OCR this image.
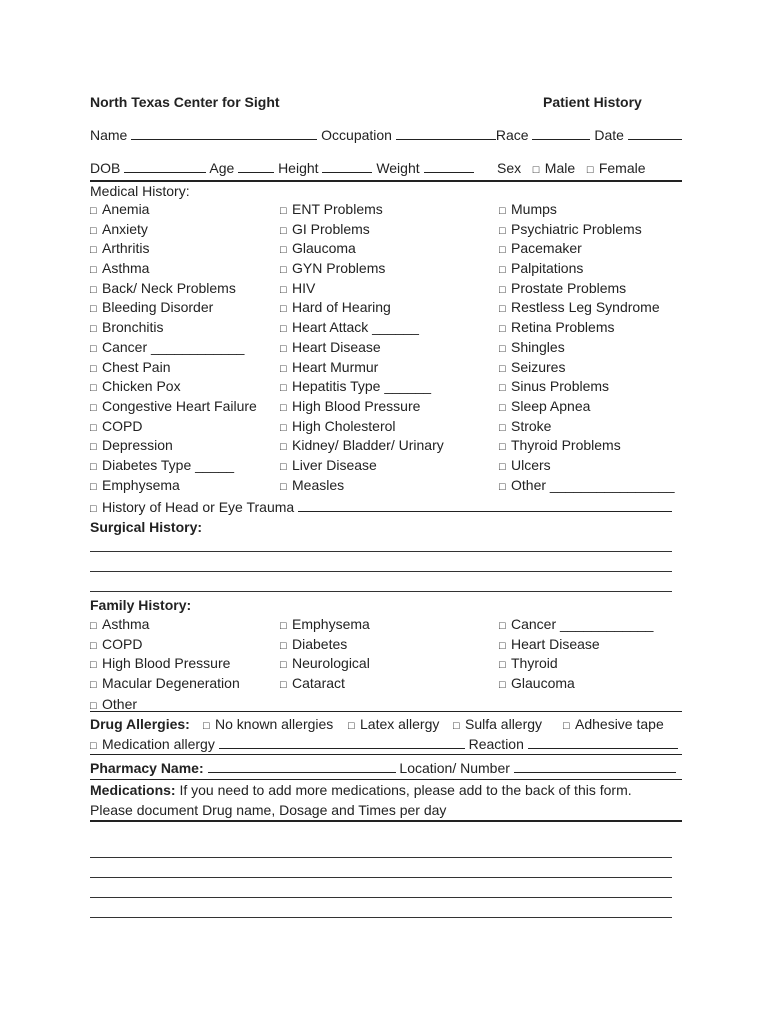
North Texas Center for Sight	Patient History
Name	Occupation	Race	Date
DOB	Age	Height	Weight	Sex □ Male □ Female
Medical History:
□ Anemia
□ Anxiety
□ Arthritis
□ Asthma
□ Back/ Neck Problems
□ Bleeding Disorder
□ Bronchitis
□ Cancer ____________
□ Chest Pain
□ Chicken Pox
□ Congestive Heart Failure
□ COPD
□ Depression
□ Diabetes Type _____
□ Emphysema
□ ENT Problems
□ GI Problems
□ Glaucoma
□ GYN Problems
□ HIV
□ Hard of Hearing
□ Heart Attack ______
□ Heart Disease
□ Heart Murmur
□ Hepatitis Type ______
□ High Blood Pressure
□ High Cholesterol
□ Kidney/ Bladder/ Urinary
□ Liver Disease
□ Measles
□ Mumps
□ Psychiatric Problems
□ Pacemaker
□ Palpitations
□ Prostate Problems
□ Restless Leg Syndrome
□ Retina Problems
□ Shingles
□ Seizures
□ Sinus Problems
□ Sleep Apnea
□ Stroke
□ Thyroid Problems
□ Ulcers
□ Other ________________
□ History of Head or Eye Trauma
Surgical History:
Family History:
□ Asthma
□ COPD
□ High Blood Pressure
□ Macular Degeneration
□ Emphysema
□ Diabetes
□ Neurological
□ Cataract
□ Cancer ____________
□ Heart Disease
□ Thyroid
□ Glaucoma
□ Other
Drug Allergies: □ No known allergies □ Latex allergy □ Sulfa allergy □ Adhesive tape
□ Medication allergy	Reaction
Pharmacy Name:	Location/ Number
Medications: If you need to add more medications, please add to the back of this form.
Please document Drug name, Dosage and Times per day
